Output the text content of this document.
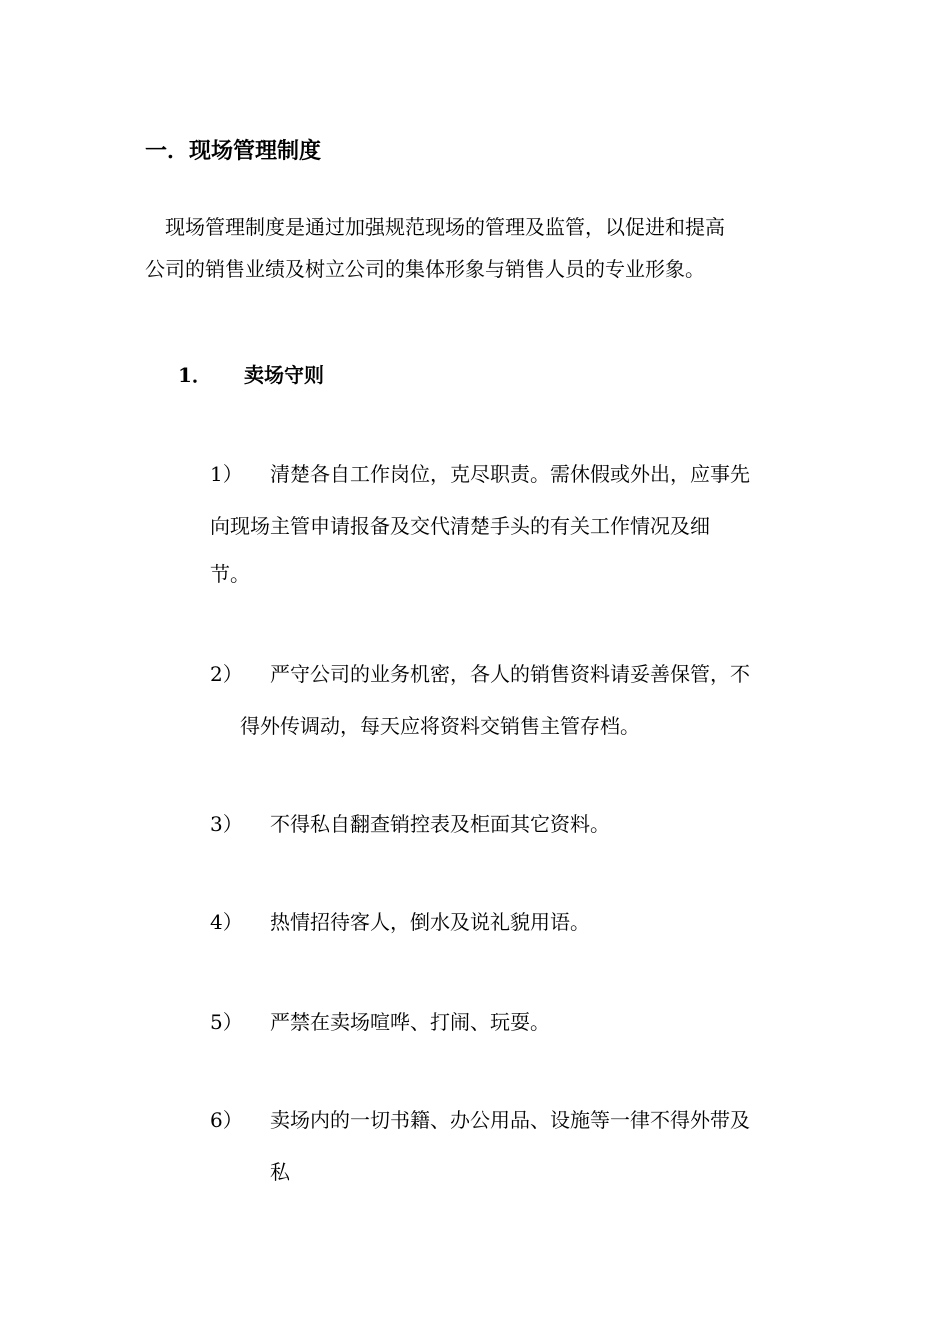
一．现场管理制度
现场管理制度是通过加强规范现场的管理及监管，以促进和提高
公司的销售业绩及树立公司的集体形象与销售人员的专业形象。
1． 卖场守则
1） 清楚各自工作岗位，克尽职责。需休假或外出，应事先
向现场主管申请报备及交代清楚手头的有关工作情况及细
节。
2） 严守公司的业务机密，各人的销售资料请妥善保管，不
得外传调动，每天应将资料交销售主管存档。
3） 不得私自翻查销控表及柜面其它资料。
4） 热情招待客人，倒水及说礼貌用语。
5） 严禁在卖场喧哗、打闹、玩耍。
6） 卖场内的一切书籍、办公用品、设施等一律不得外带及
私
